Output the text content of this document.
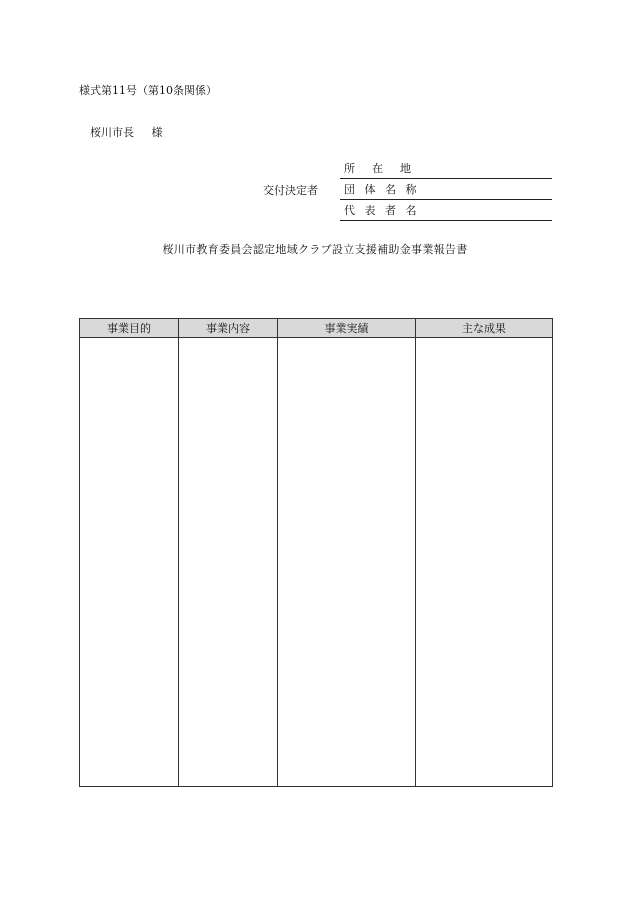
様式第11号（第10条関係）
桜川市長 様
交付決定者
所　在　地
団 体 名 称
代 表 者 名
桜川市教育委員会認定地域クラブ設立支援補助金事業報告書
事業目的	事業内容	事業実績	主な成果
